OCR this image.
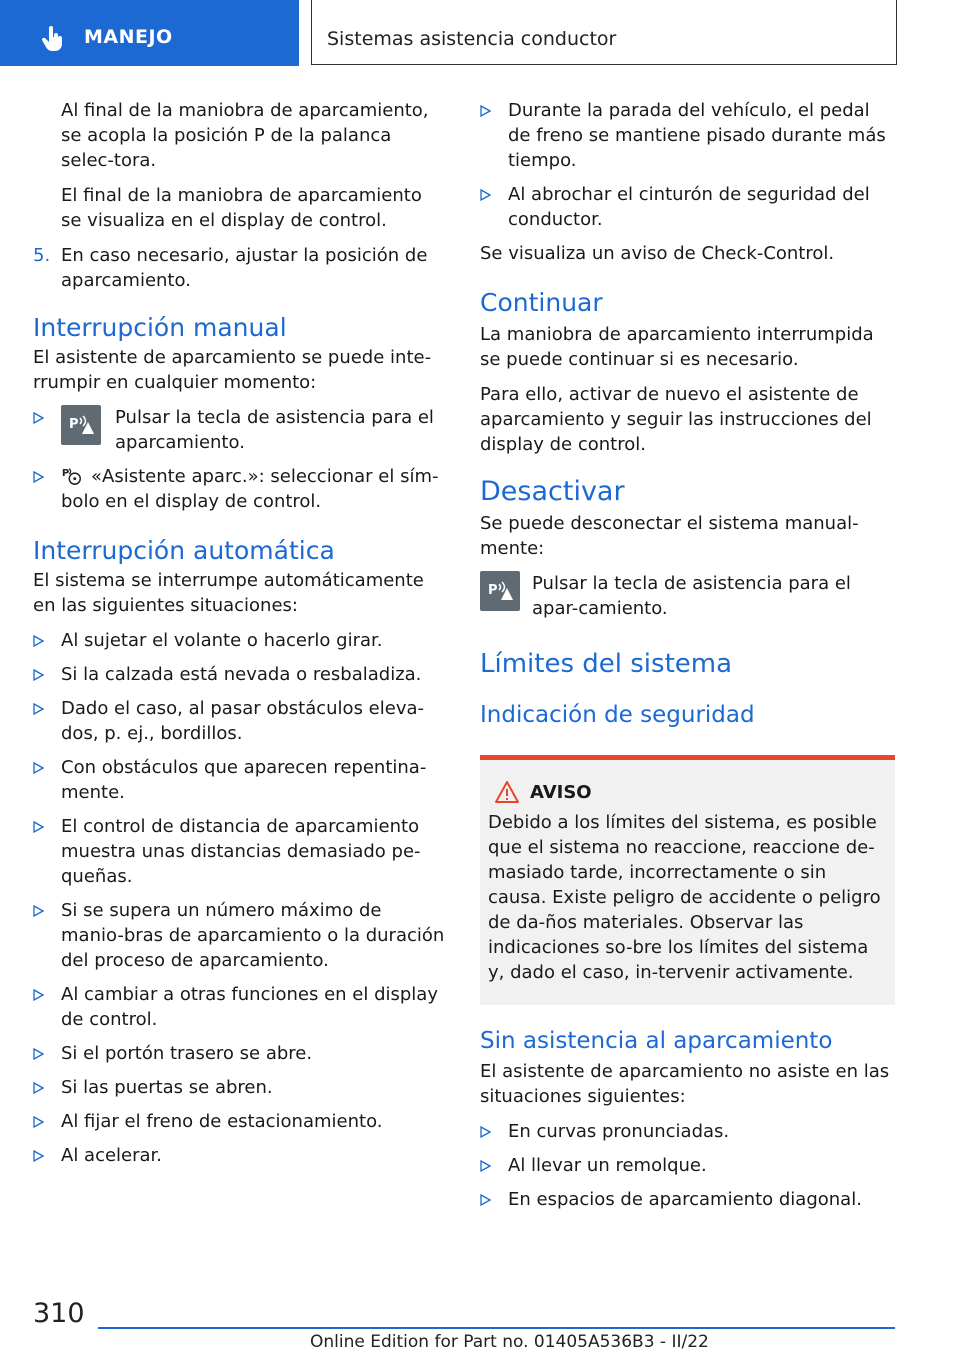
MANEJO	Sistemas asistencia conductor

Al final de la maniobra de aparcamiento, se acopla la posición P de la palanca selec-tora.

El final de la maniobra de aparcamiento se visualiza en el display de control.

5. En caso necesario, ajustar la posición de aparcamiento.

Interrupción manual

El asistente de aparcamiento se puede inte-rrumpir en cualquier momento:

P Pulsar la tecla de asistencia para el aparcamiento.

P «Asistente aparc.»: seleccionar el sím-bolo en el display de control.

Interrupción automática

El sistema se interrumpe automáticamente en las siguientes situaciones:

Al sujetar el volante o hacerlo girar.

Si la calzada está nevada o resbaladiza.

Dado el caso, al pasar obstáculos eleva-dos, p. ej., bordillos.

Con obstáculos que aparecen repentina-mente.

El control de distancia de aparcamiento muestra unas distancias demasiado pe-queñas.

Si se supera un número máximo de manio-bras de aparcamiento o la duración del proceso de aparcamiento.

Al cambiar a otras funciones en el display de control.

Si el portón trasero se abre.

Si las puertas se abren.

Al fijar el freno de estacionamiento.

Al acelerar.

Durante la parada del vehículo, el pedal de freno se mantiene pisado durante más tiempo.

Al abrochar el cinturón de seguridad del conductor.

Se visualiza un aviso de Check-Control.

Continuar

La maniobra de aparcamiento interrumpida se puede continuar si es necesario.

Para ello, activar de nuevo el asistente de aparcamiento y seguir las instrucciones del display de control.

Desactivar

Se puede desconectar el sistema manual-mente:

P Pulsar la tecla de asistencia para el apar-camiento.

Límites del sistema
Indicación de seguridad
AVISO

Debido a los límites del sistema, es posible que el sistema no reaccione, reaccione de-masiado tarde, incorrectamente o sin causa. Existe peligro de accidente o peligro de da-ños materiales. Observar las indicaciones so-bre los límites del sistema y, dado el caso, in-tervenir activamente.

Sin asistencia al aparcamiento

El asistente de aparcamiento no asiste en las situaciones siguientes:

En curvas pronunciadas.

Al llevar un remolque.

En espacios de aparcamiento diagonal.

310
Online Edition for Part no. 01405A536B3 - II/22
